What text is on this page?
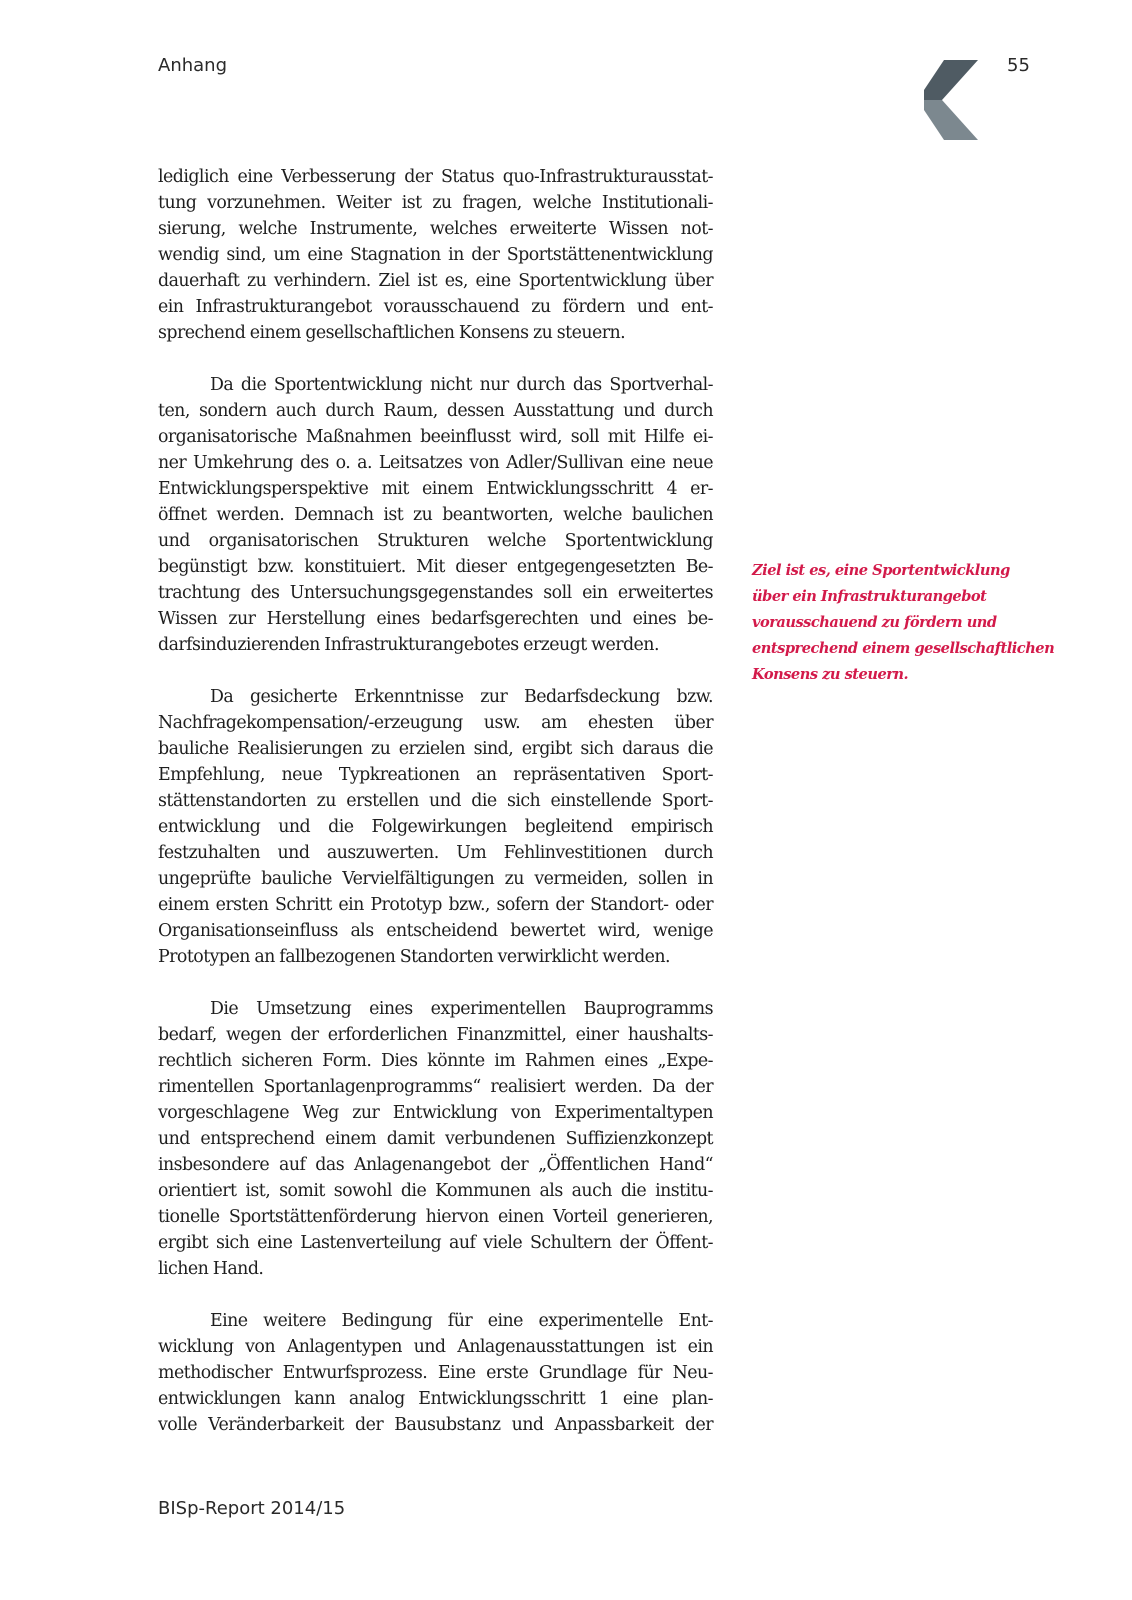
Anhang	55
lediglich eine Verbesserung der Status quo-Infrastrukturausstat-
tung vorzunehmen. Weiter ist zu fragen, welche Institutionali-
sierung, welche Instrumente, welches erweiterte Wissen not-
wendig sind, um eine Stagnation in der Sportstättenentwicklung
dauerhaft zu verhindern. Ziel ist es, eine Sportentwicklung über
ein Infrastrukturangebot vorausschauend zu fördern und ent-
sprechend einem gesellschaftlichen Konsens zu steuern.
Da die Sportentwicklung nicht nur durch das Sportverhal-
ten, sondern auch durch Raum, dessen Ausstattung und durch
organisatorische Maßnahmen beeinflusst wird, soll mit Hilfe ei-
ner Umkehrung des o. a. Leitsatzes von Adler/Sullivan eine neue
Entwicklungsperspektive mit einem Entwicklungsschritt 4 er-
öffnet werden. Demnach ist zu beantworten, welche baulichen
und organisatorischen Strukturen welche Sportentwicklung
begünstigt bzw. konstituiert. Mit dieser entgegengesetzten Be-
trachtung des Untersuchungsgegenstandes soll ein erweitertes
Wissen zur Herstellung eines bedarfsgerechten und eines be-
darfsinduzierenden Infrastrukturangebotes erzeugt werden.
Da gesicherte Erkenntnisse zur Bedarfsdeckung bzw.
Nachfragekompensation/-erzeugung usw. am ehesten über
bauliche Realisierungen zu erzielen sind, ergibt sich daraus die
Empfehlung, neue Typkreationen an repräsentativen Sport-
stättenstandorten zu erstellen und die sich einstellende Sport-
entwicklung und die Folgewirkungen begleitend empirisch
festzuhalten und auszuwerten. Um Fehlinvestitionen durch
ungeprüfte bauliche Vervielfältigungen zu vermeiden, sollen in
einem ersten Schritt ein Prototyp bzw., sofern der Standort- oder
Organisationseinfluss als entscheidend bewertet wird, wenige
Prototypen an fallbezogenen Standorten verwirklicht werden.
Die Umsetzung eines experimentellen Bauprogramms
bedarf, wegen der erforderlichen Finanzmittel, einer haushalts-
rechtlich sicheren Form. Dies könnte im Rahmen eines „Expe-
rimentellen Sportanlagenprogramms“ realisiert werden. Da der
vorgeschlagene Weg zur Entwicklung von Experimentaltypen
und entsprechend einem damit verbundenen Suffizienzkonzept
insbesondere auf das Anlagenangebot der „Öffentlichen Hand“
orientiert ist, somit sowohl die Kommunen als auch die institu-
tionelle Sportstättenförderung hiervon einen Vorteil generieren,
ergibt sich eine Lastenverteilung auf viele Schultern der Öffent-
lichen Hand.
Eine weitere Bedingung für eine experimentelle Ent-
wicklung von Anlagentypen und Anlagenausstattungen ist ein
methodischer Entwurfsprozess. Eine erste Grundlage für Neu-
entwicklungen kann analog Entwicklungsschritt 1 eine plan-
volle Veränderbarkeit der Bausubstanz und Anpassbarkeit der
Ziel ist es, eine Sportentwicklung
über ein Infrastrukturangebot
vorausschauend zu fördern und
entsprechend einem gesellschaftlichen
Konsens zu steuern.
BISp-Report 2014/15
